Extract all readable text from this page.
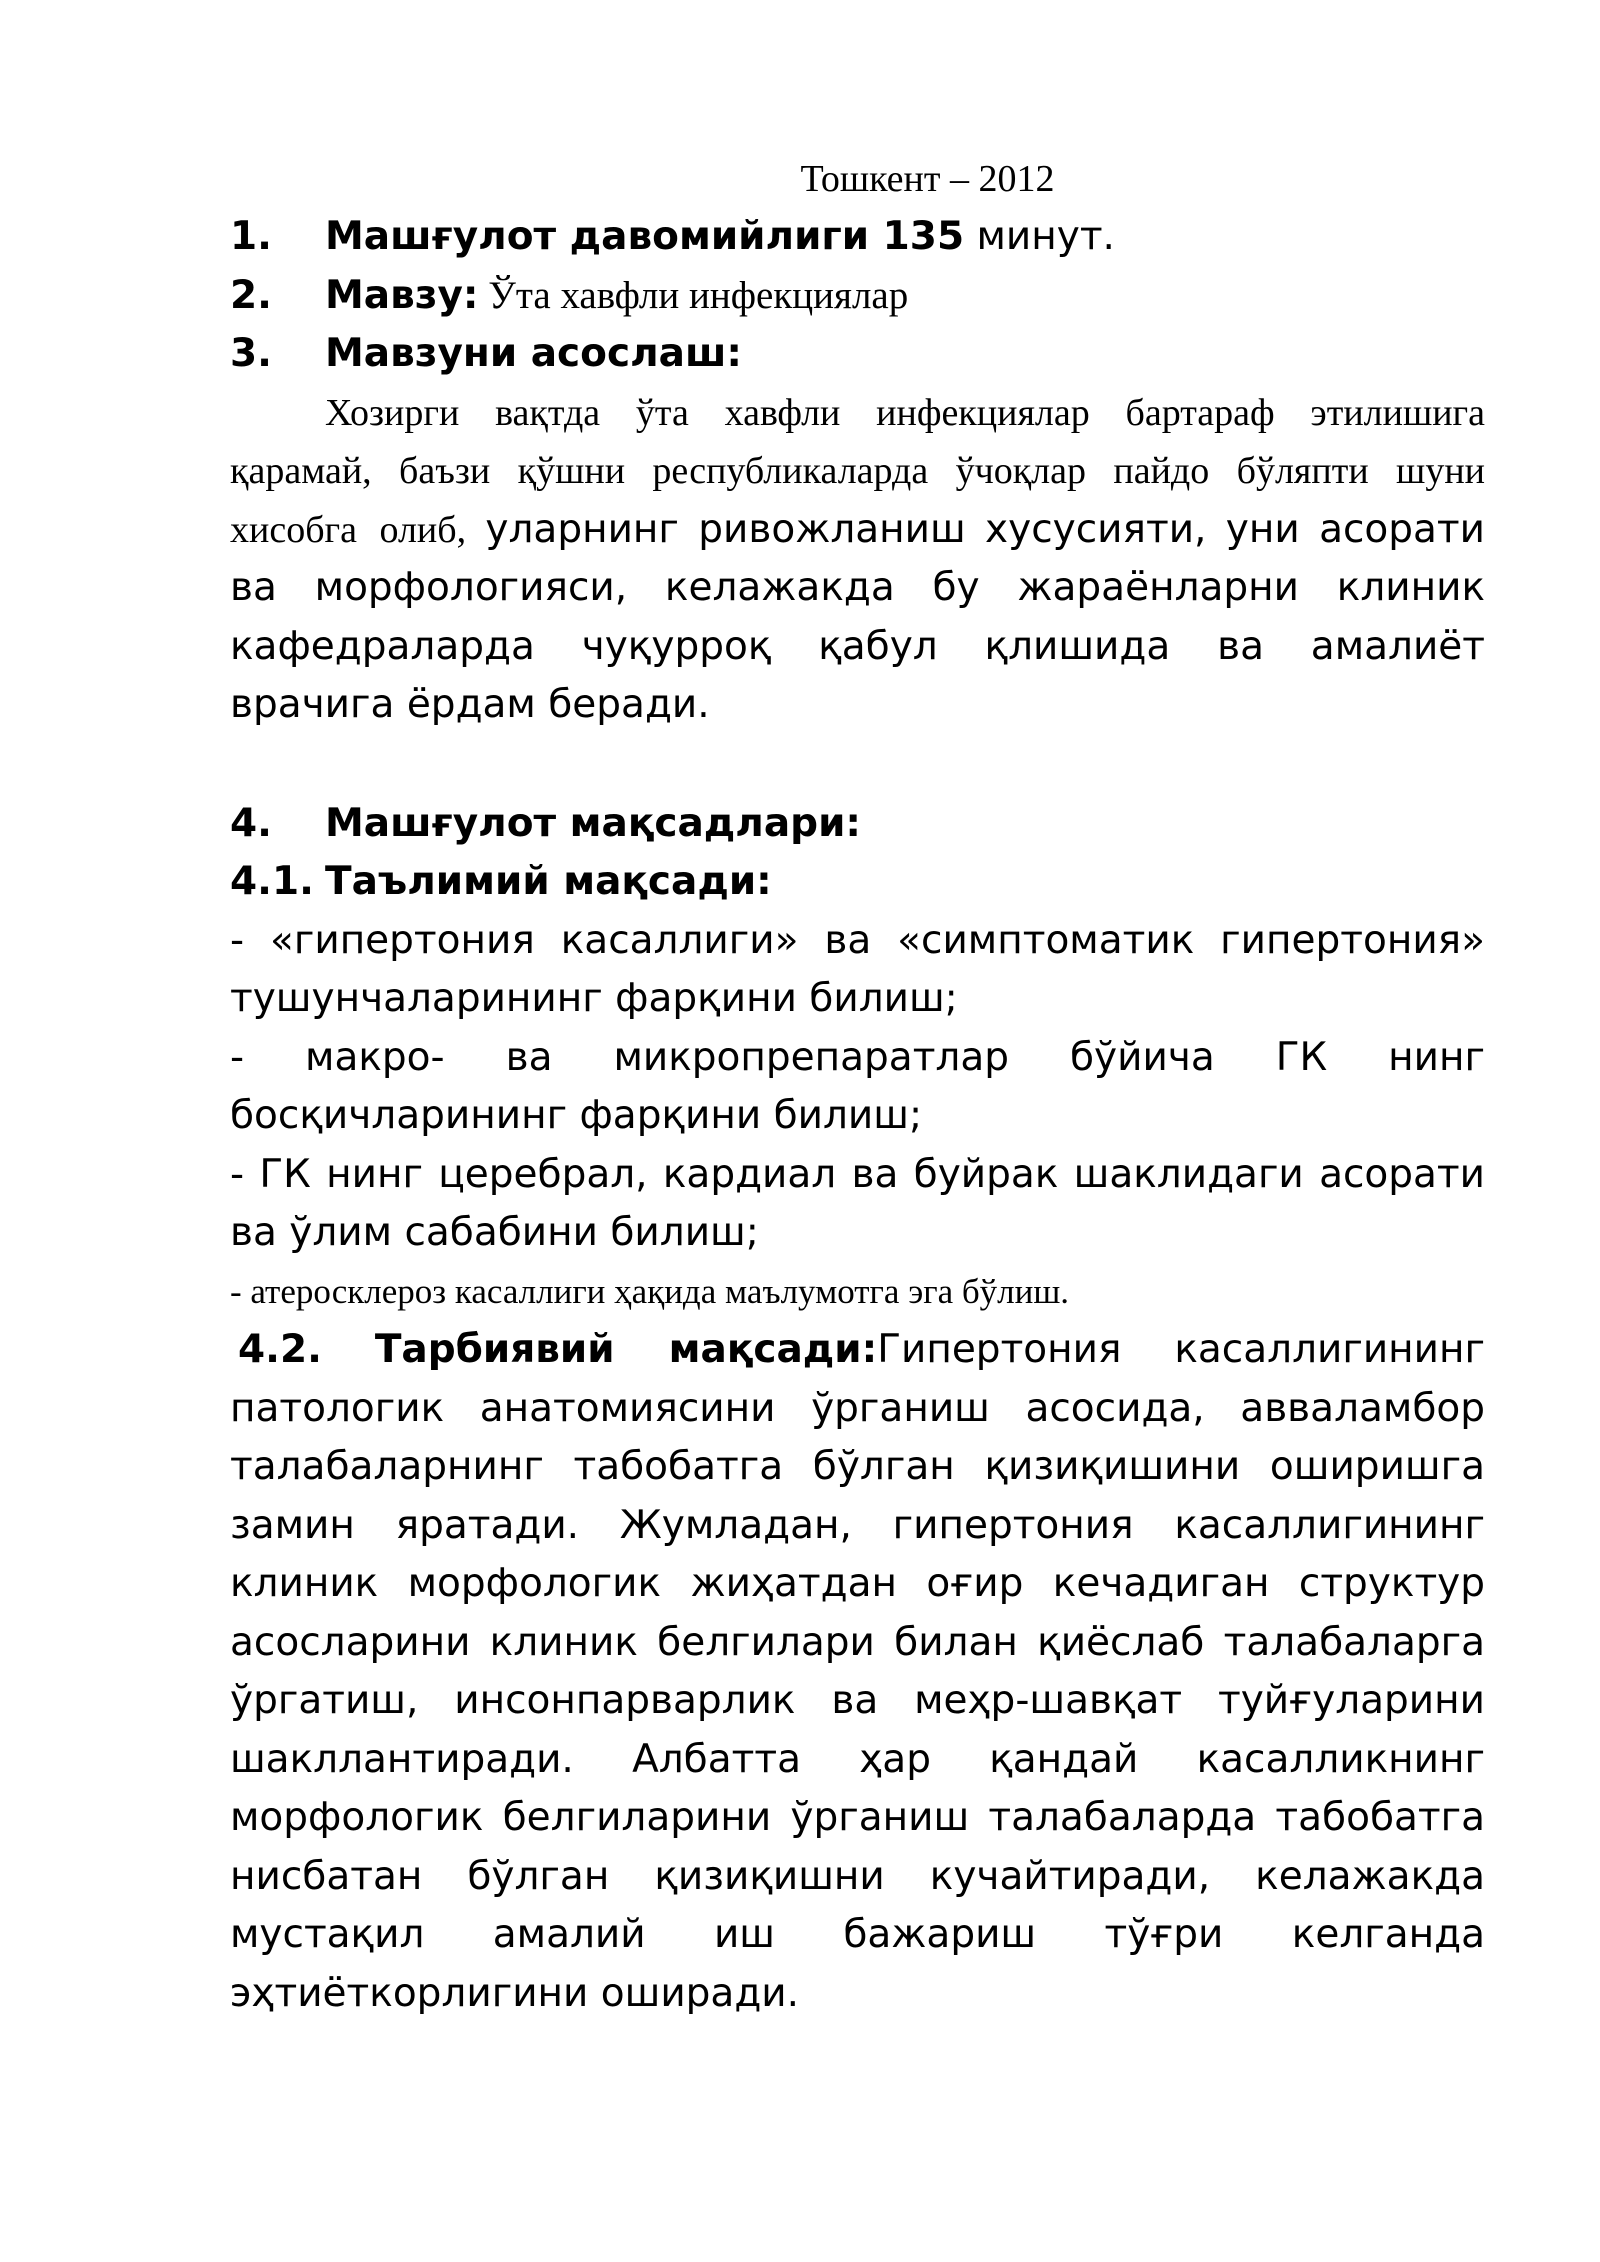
Тошкент – 2012
1. Машғулот давомийлиги 135 минут.
2. Мавзу: Ўта хавфли инфекциялар
3. Мавзуни асослаш:
Хозирги вақтда ўта хавфли инфекциялар бартараф этилишига қарамай, баъзи қўшни республикаларда ўчоқлар пайдо бўляпти шуни хисобга олиб, уларнинг ривожланиш хусусияти, уни асорати ва морфологияси, келажакда бу жараёнларни клиник кафедраларда чуқурроқ қабул қлишида ва амалиёт врачига ёрдам беради.
4. Машғулот мақсадлари:
4.1. Таълимий мақсади:
- «гипертония касаллиги» ва «симптоматик гипертония» тушунчаларининг фарқини билиш;
- макро- ва микропрепаратлар бўйича ГК нинг босқичларининг фарқини билиш;
- ГК нинг церебрал, кардиал ва буйрак шаклидаги асорати ва ўлим сабабини билиш;
- атеросклероз касаллиги ҳақида маълумотга эга бўлиш.
4.2. Тарбиявий мақсади:Гипертония касаллигининг патологик анатомиясини ўрганиш асосида, аввaламбор талабаларнинг табобатга бўлган қизиқишини оширишга замин яратади. Жумладан, гипертония касаллигининг клиник морфологик жиҳатдан оғир кечадиган структур асосларини клиник белгилари билан қиёслаб талабаларга ўргатиш, инсонпарварлик ва меҳр-шавқат туйғуларини шакллантиради. Албатта ҳар қандай касалликнинг морфологик белгиларини ўрганиш талабаларда табобатга нисбатан бўлган қизиқишни кучайтиради, келажакда мустақил амалий иш бажариш тўғри келганда эҳтиёткорлигини оширади.
